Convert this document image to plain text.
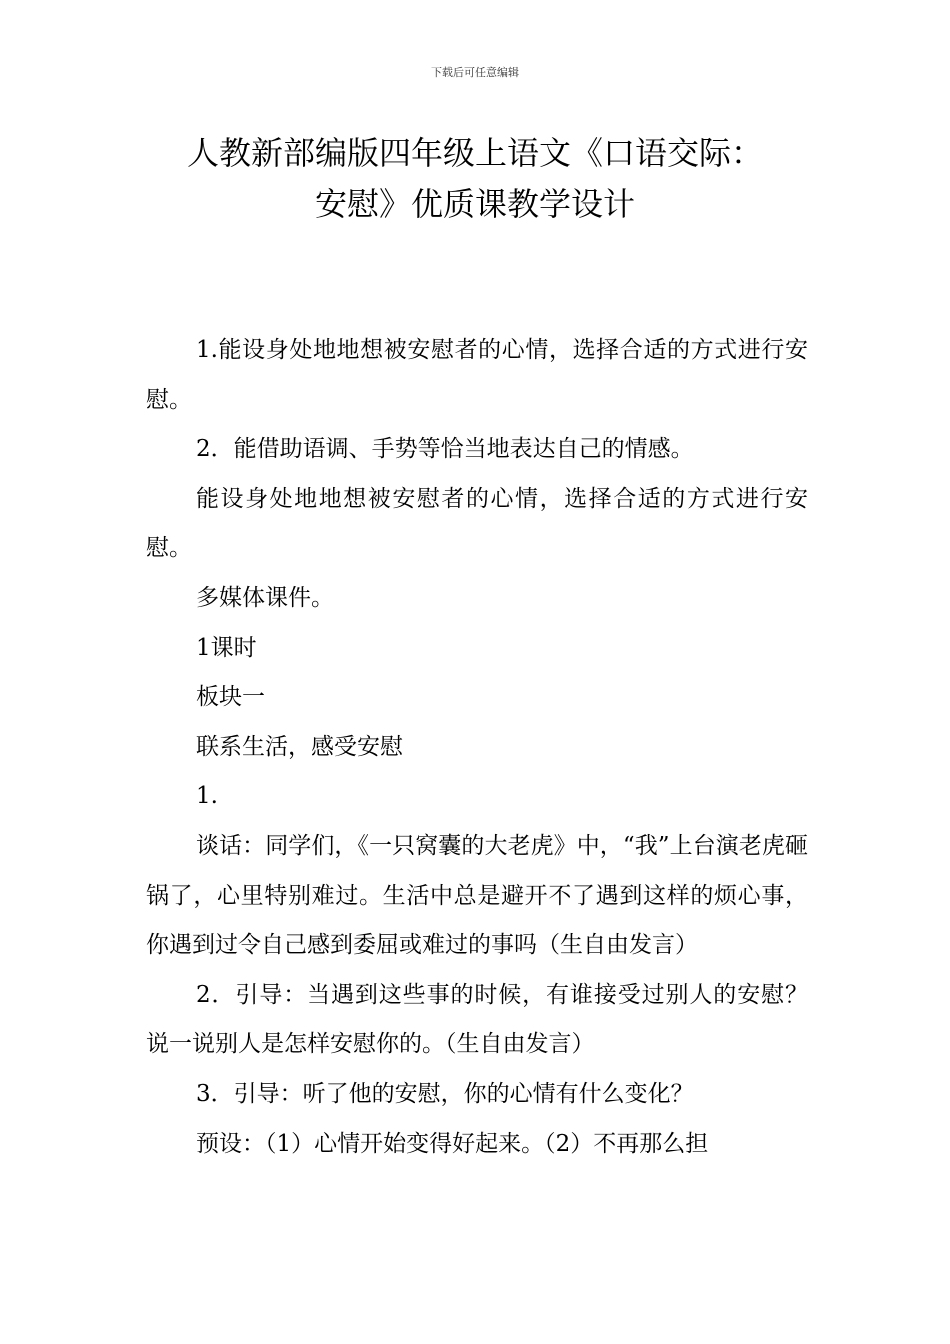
下载后可任意编辑
人教新部编版四年级上语文《口语交际：
安慰》优质课教学设计

1.能设身处地地想被安慰者的心情，选择合适的方式进行安慰。

2．能借助语调、手势等恰当地表达自己的情感。

能设身处地地想被安慰者的心情，选择合适的方式进行安慰。

多媒体课件。

1课时

板块一

联系生活，感受安慰

1.

谈话：同学们，《一只窝囊的大老虎》中，“我”上台演老虎砸锅了，心里特别难过。生活中总是避开不了遇到这样的烦心事，你遇到过令自己感到委屈或难过的事吗（生自由发言）

2．引导：当遇到这些事的时候，有谁接受过别人的安慰？说一说别人是怎样安慰你的。（生自由发言）

3．引导：听了他的安慰，你的心情有什么变化？

预设：（1）心情开始变得好起来。（2）不再那么担
